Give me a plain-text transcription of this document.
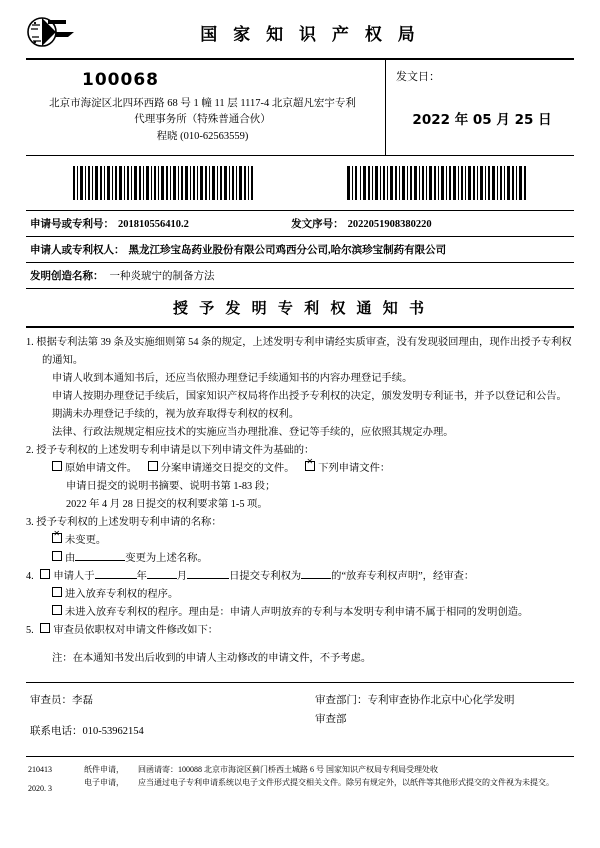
国 家 知 识 产 权 局
100068
北京市海淀区北四环西路 68 号 1 幢 11 层 1117-4 北京超凡宏宇专利
代理事务所（特殊普通合伙）
程晓 (010-62563559)
发文日：
2022 年 05 月 25 日
申请号或专利号： 201810556410.2	发文序号： 2022051908380220
申请人或专利权人： 黑龙江珍宝岛药业股份有限公司鸡西分公司,哈尔滨珍宝制药有限公司
发明创造名称： 一种炎琥宁的制备方法
授 予 发 明 专 利 权 通 知 书

1. 根据专利法第 39 条及实施细则第 54 条的规定，上述发明专利申请经实质审查，没有发现驳回理由，现作出授予专利权的通知。

申请人收到本通知书后，还应当依照办理登记手续通知书的内容办理登记手续。

申请人按期办理登记手续后，国家知识产权局将作出授予专利权的决定，颁发发明专利证书，并予以登记和公告。

期满未办理登记手续的，视为放弃取得专利权的权利。

法律、行政法规规定相应技术的实施应当办理批准、登记等手续的，应依照其规定办理。

2. 授予专利权的上述发明专利申请是以下列申请文件为基础的：

原始申请文件。 分案申请递交日提交的文件。 ✕ 下列申请文件：

申请日提交的说明书摘要、说明书第 1-83 段；

2022 年 4 月 28 日提交的权利要求第 1-5 项。

3. 授予专利权的上述发明专利申请的名称：

✕未变更。

由	变更为上述名称。

4. 申请人于	年	月	日提交专利权为	的“放弃专利权声明”，经审查：

进入放弃专利权的程序。

未进入放弃专利权的程序。理由是：申请人声明放弃的专利与本发明专利申请不属于相同的发明创造。

5. 审查员依职权对申请文件修改如下：

注：在本通知书发出后收到的申请人主动修改的申请文件，不予考虑。

审查员：李磊
联系电话：010-53962154
审查部门：专利审查协作北京中心化学发明
审查部
210413
2020. 3
纸件申请，	回函请寄：100088 北京市海淀区蓟门桥西土城路 6 号 国家知识产权局专利局受理处收
电子申请，	应当通过电子专利申请系统以电子文件形式提交相关文件。除另有规定外，以纸件等其他形式提交的文件视为未提交。
